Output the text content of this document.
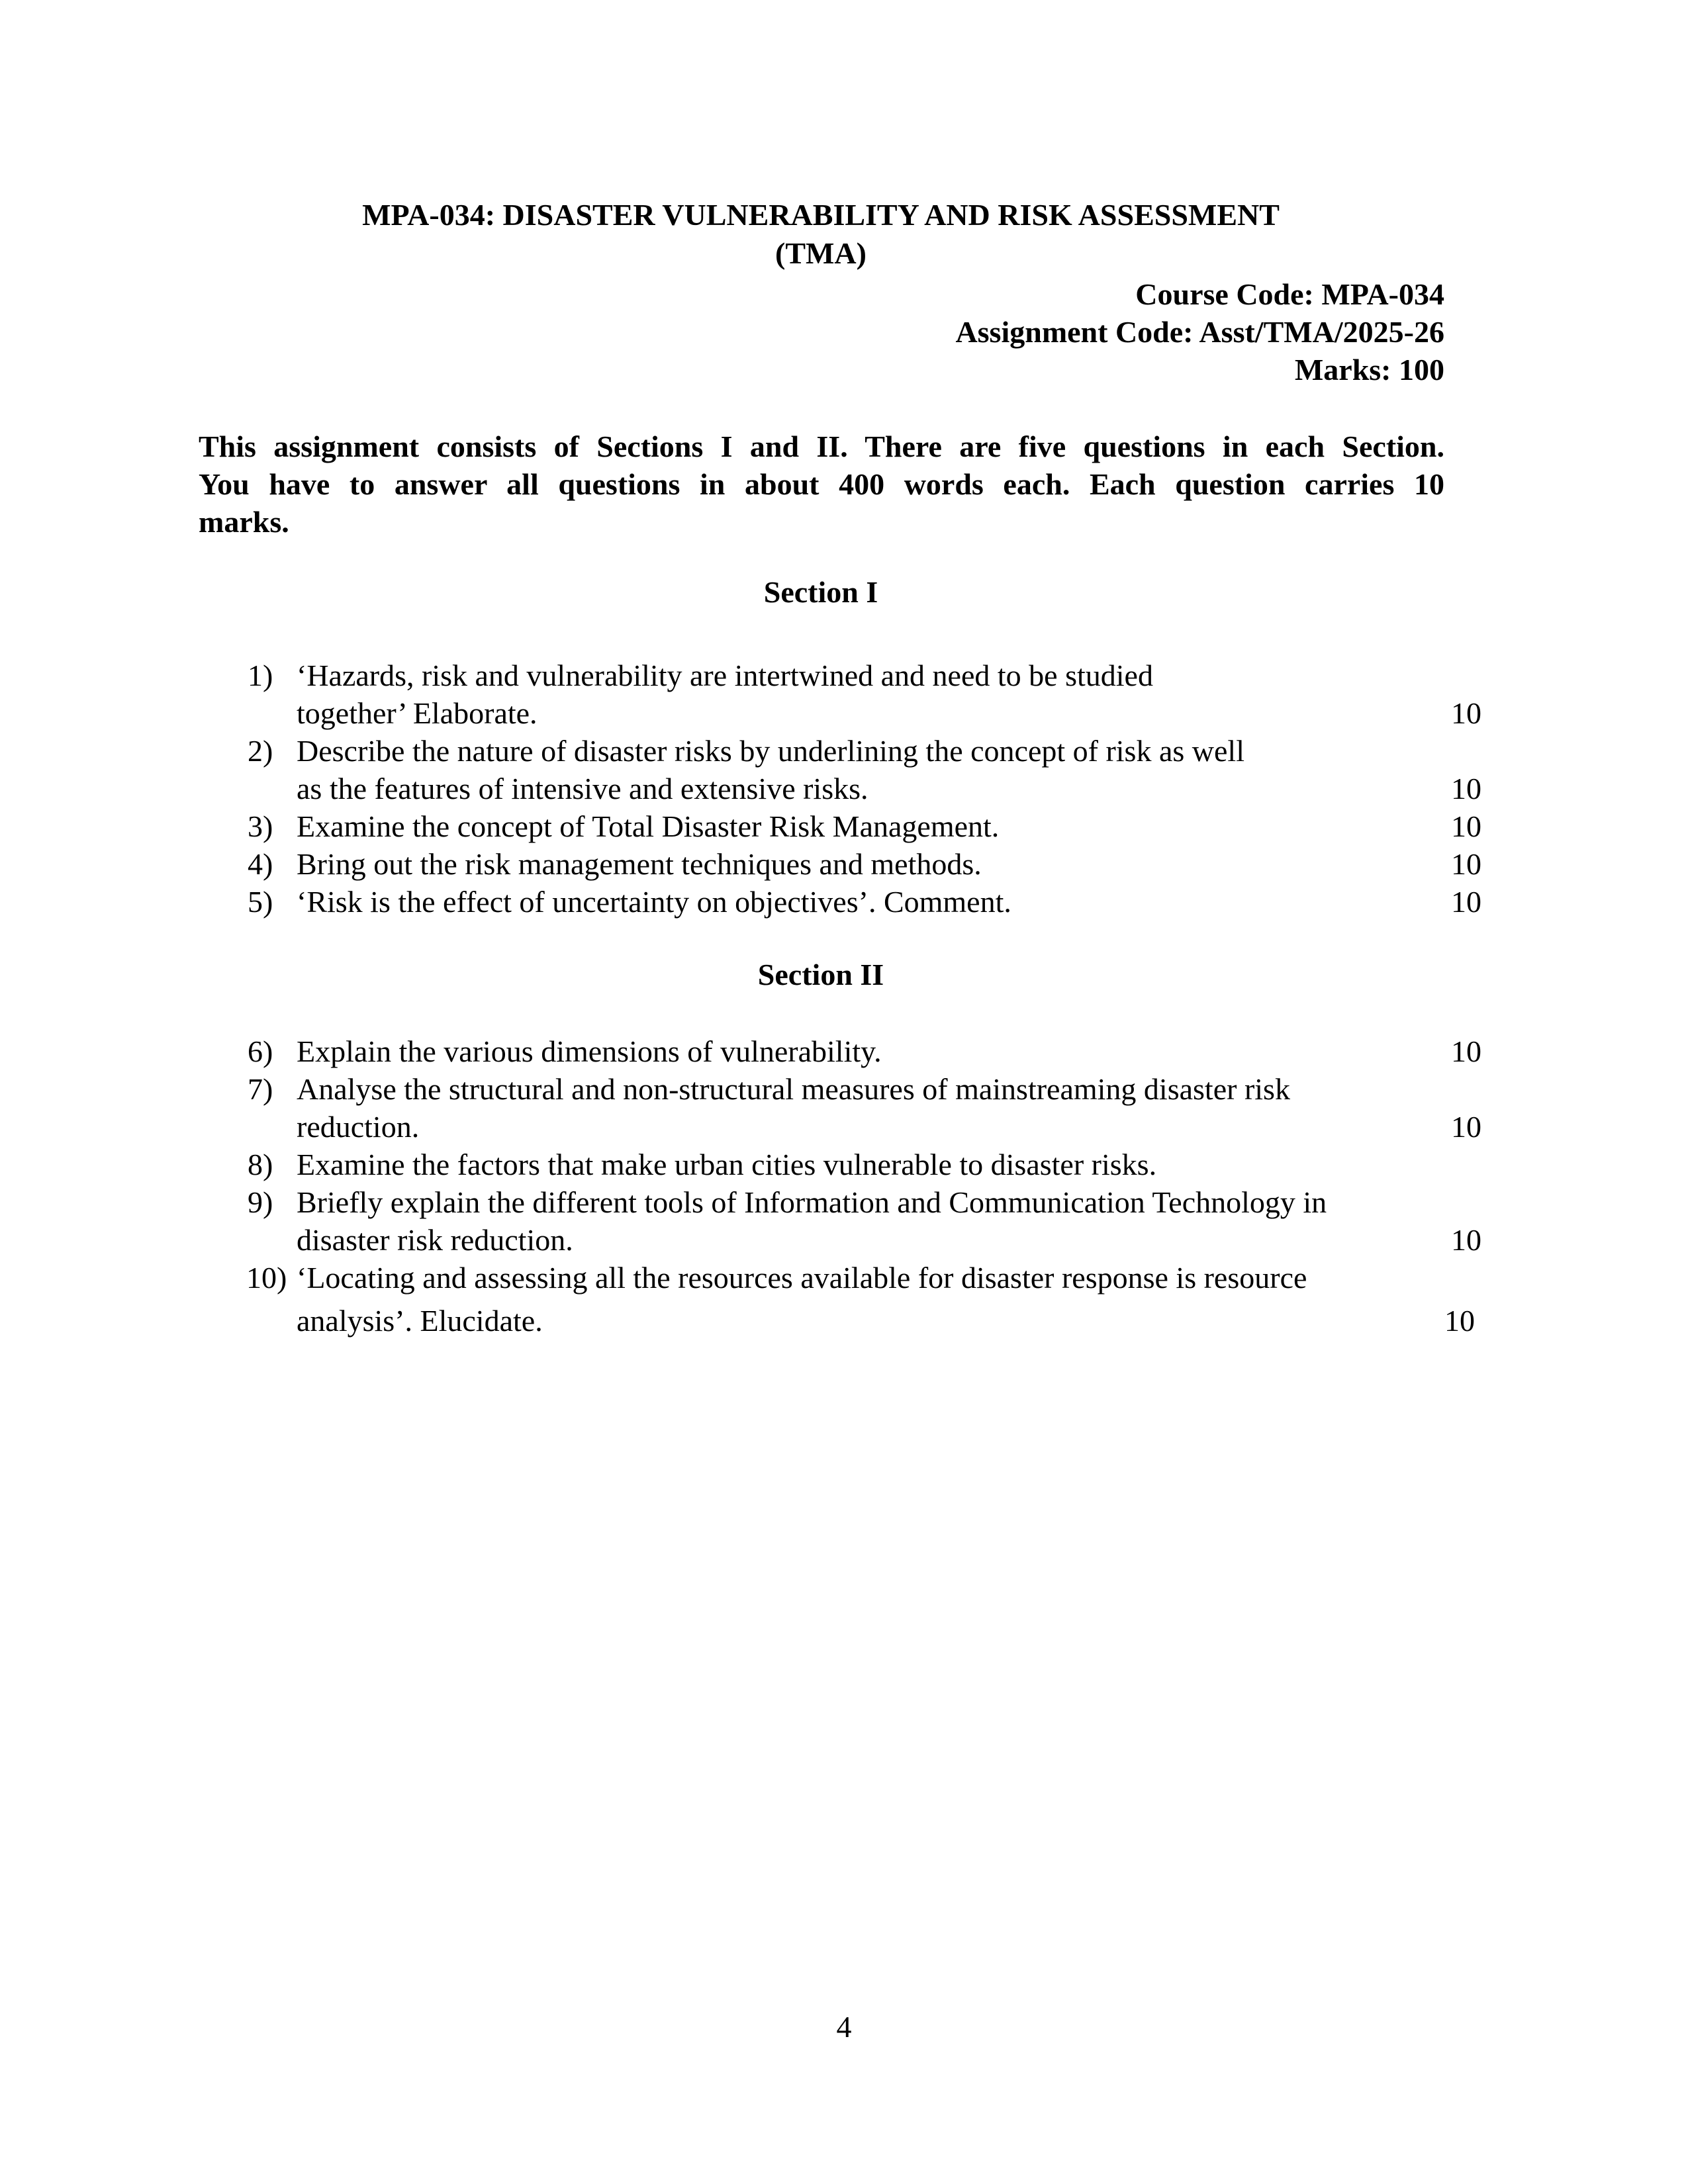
MPA-034: DISASTER VULNERABILITY AND RISK ASSESSMENT
(TMA)
Course Code: MPA-034
Assignment Code: Asst/TMA/2025-26
Marks: 100
This assignment consists of Sections I and II. There are five questions in each Section.
You have to answer all questions in about 400 words each. Each question carries 10
marks.
Section I
1) ‘Hazards, risk and vulnerability are intertwined and need to be studied
together’ Elaborate.	10
2) Describe the nature of disaster risks by underlining the concept of risk as well
as the features of intensive and extensive risks.	10
3) Examine the concept of Total Disaster Risk Management.	10
4) Bring out the risk management techniques and methods.	10
5) ‘Risk is the effect of uncertainty on objectives’. Comment.	10
Section II
6) Explain the various dimensions of vulnerability.	10
7) Analyse the structural and non-structural measures of mainstreaming disaster risk
reduction.	10
8) Examine the factors that make urban cities vulnerable to disaster risks.
9) Briefly explain the different tools of Information and Communication Technology in
disaster risk reduction.	10
10) ‘Locating and assessing all the resources available for disaster response is resource
analysis’. Elucidate.	10
4
